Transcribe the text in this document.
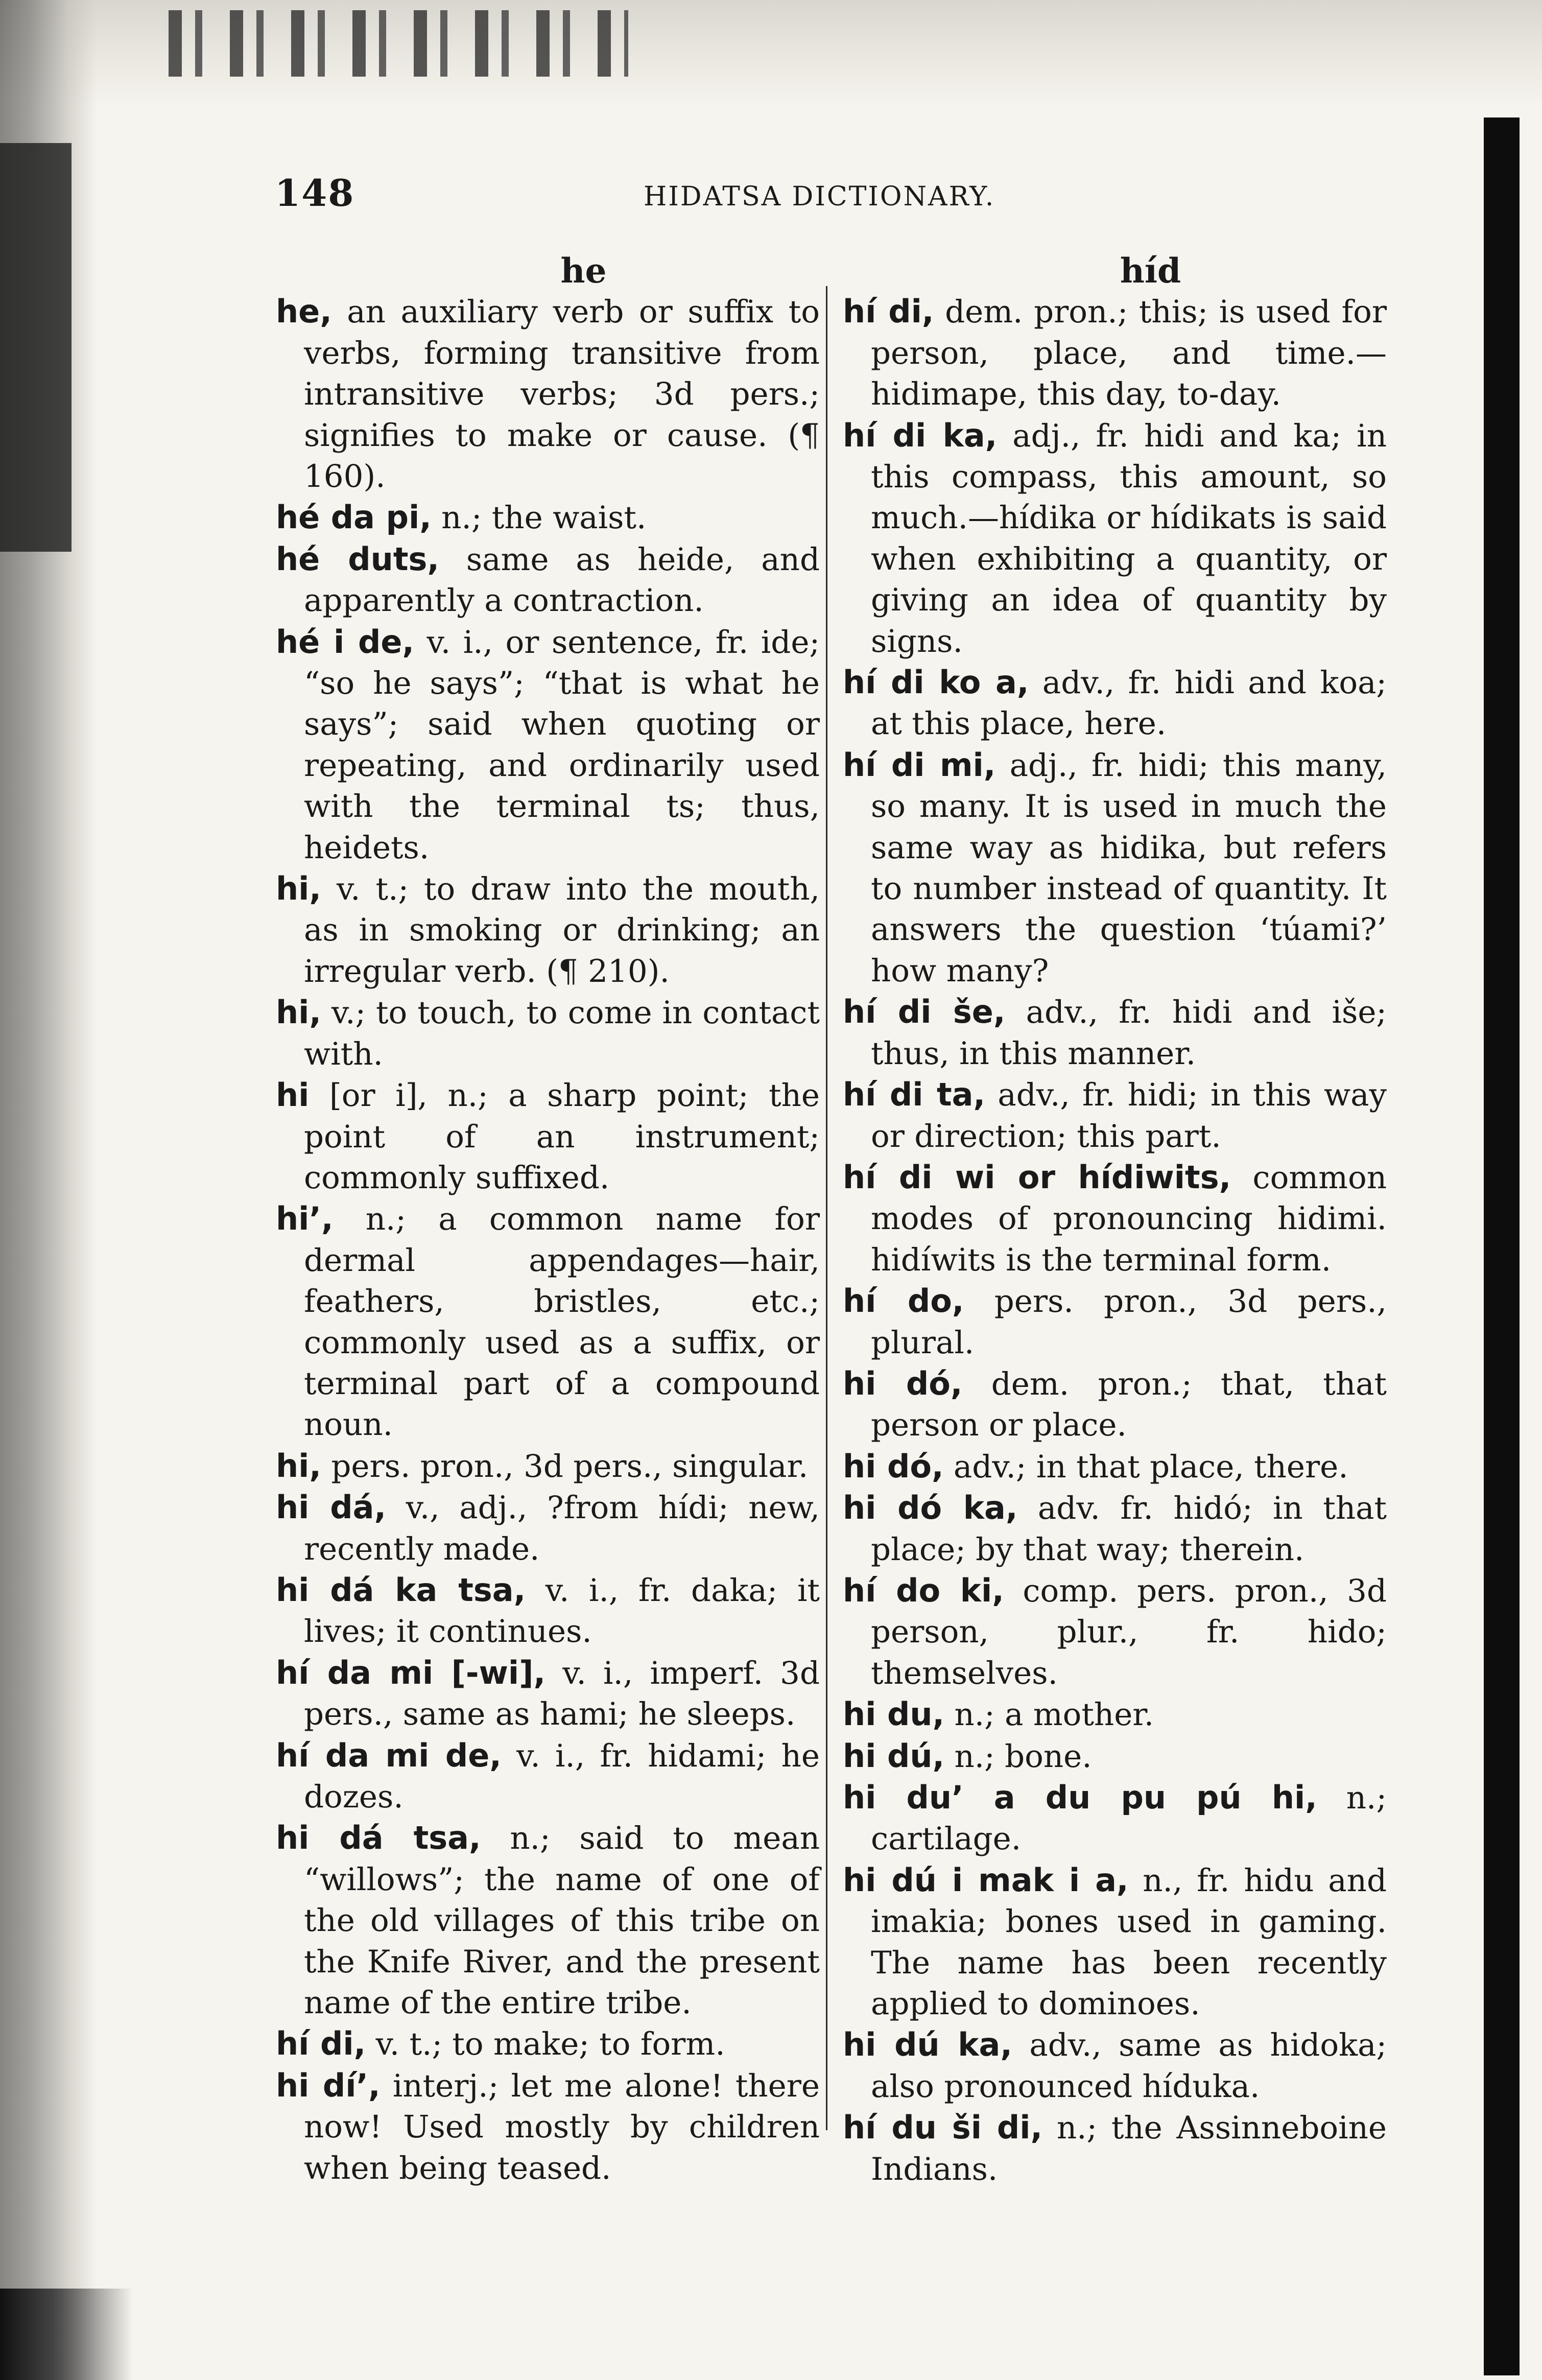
148	HIDATSA DICTIONARY.
he
he, an auxiliary verb or suffix to verbs, forming transitive from intransitive verbs; 3d pers.; signifies to make or cause. (¶ 160).
hé da pi, n.; the waist.
hé duts, same as heide, and apparently a contraction.
hé i de, v. i., or sentence, fr. ide; “so he says”; “that is what he says”; said when quoting or repeating, and ordinarily used with the terminal ts; thus, heidets.
hi, v. t.; to draw into the mouth, as in smoking or drinking; an irregular verb. (¶ 210).
hi, v.; to touch, to come in contact with.
hi [or i], n.; a sharp point; the point of an instrument; commonly suffixed.
hi’, n.; a common name for dermal appendages—hair, feathers, bristles, etc.; commonly used as a suffix, or terminal part of a compound noun.
hi, pers. pron., 3d pers., singular.
hi dá, v., adj., ?from hídi; new, recently made.
hi dá ka tsa, v. i., fr. daka; it lives; it continues.
hí da mi [-wi], v. i., imperf. 3d pers., same as hami; he sleeps.
hí da mi de, v. i., fr. hidami; he dozes.
hi dá tsa, n.; said to mean “willows”; the name of one of the old villages of this tribe on the Knife River, and the present name of the entire tribe.
hí di, v. t.; to make; to form.
hi dí’, interj.; let me alone! there now! Used mostly by children when being teased.
híd
hí di, dem. pron.; this; is used for person, place, and time.—hidimape, this day, to-day.
hí di ka, adj., fr. hidi and ka; in this compass, this amount, so much.—hídika or hídikats is said when exhibiting a quantity, or giving an idea of quantity by signs.
hí di ko a, adv., fr. hidi and koa; at this place, here.
hí di mi, adj., fr. hidi; this many, so many. It is used in much the same way as hidika, but refers to number instead of quantity. It answers the question ‘túami?’ how many?
hí di šе, adv., fr. hidi and iše; thus, in this manner.
hí di ta, adv., fr. hidi; in this way or direction; this part.
hí di wi or hídiwits, common modes of pronouncing hidimi. hidíwits is the terminal form.
hí do, pers. pron., 3d pers., plural.
hi dó, dem. pron.; that, that person or place.
hi dó, adv.; in that place, there.
hi dó ka, adv. fr. hidó; in that place; by that way; therein.
hí do ki, comp. pers. pron., 3d person, plur., fr. hido; themselves.
hi du, n.; a mother.
hi dú, n.; bone.
hi du’ a du pu pú hi, n.; cartilage.
hi dú i mak i a, n., fr. hidu and imakia; bones used in gaming. The name has been recently applied to dominoes.
hi dú ka, adv., same as hidoka; also pronounced híduka.
hí du ši di, n.; the Assinneboine Indians.
